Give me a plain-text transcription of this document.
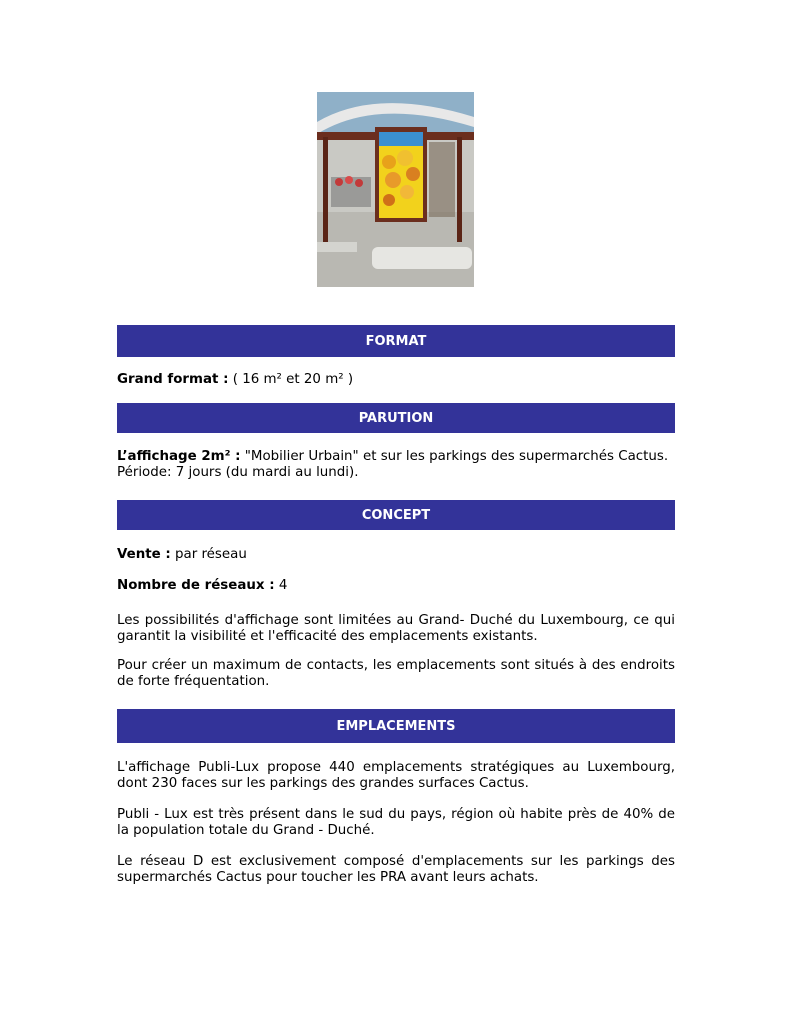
FORMAT

Grand format : ( 16 m² et 20 m² )

PARUTION

L’affichage 2m² : "Mobilier Urbain" et sur les parkings des supermarchés Cactus.

Période: 7 jours (du mardi au lundi).

CONCEPT

Vente : par réseau

Nombre de réseaux : 4

Les possibilités d'affichage sont limitées au Grand- Duché du Luxembourg, ce qui garantit la visibilité et l'efficacité des emplacements existants.

Pour créer un maximum de contacts, les emplacements sont situés à des endroits de forte fréquentation.

EMPLACEMENTS

L'affichage Publi-Lux propose 440 emplacements stratégiques au Luxembourg, dont 230 faces sur les parkings des grandes surfaces Cactus.

Publi - Lux est très présent dans le sud du pays, région où habite près de 40% de la population totale du Grand - Duché.

Le réseau D est exclusivement composé d'emplacements sur les parkings des supermarchés Cactus pour toucher les PRA avant leurs achats.
